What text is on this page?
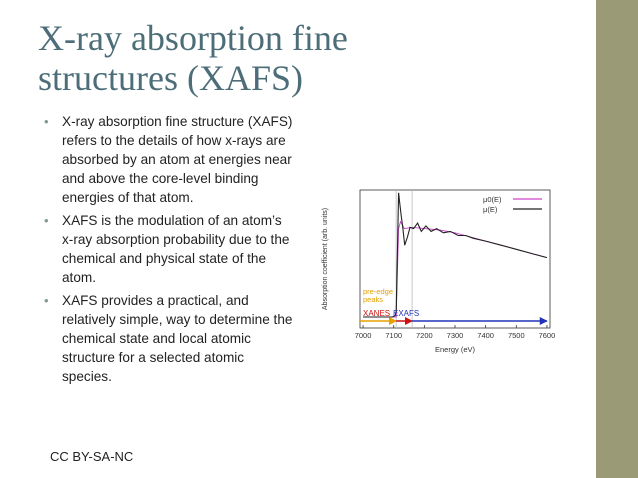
X-ray absorption fine
structures (XAFS)
• X-ray absorption fine structure (XAFS) refers to the details of how x-rays are absorbed by an atom at energies near and above the core-level binding energies of that atom.
• XAFS is the modulation of an atom’s x-ray absorption probability due to the chemical and physical state of the atom.
• XAFS provides a practical, and relatively simple, way to determine the chemical state and local atomic structure for a selected atomic species.
7000 7100 7200 7300 7400 7500 7600
pre-edge
peaks
XANES EXAFS
μ0(E)
μ(E)
Energy (eV)
Absorption coefficient (arb. units)
CC BY-SA-NC
